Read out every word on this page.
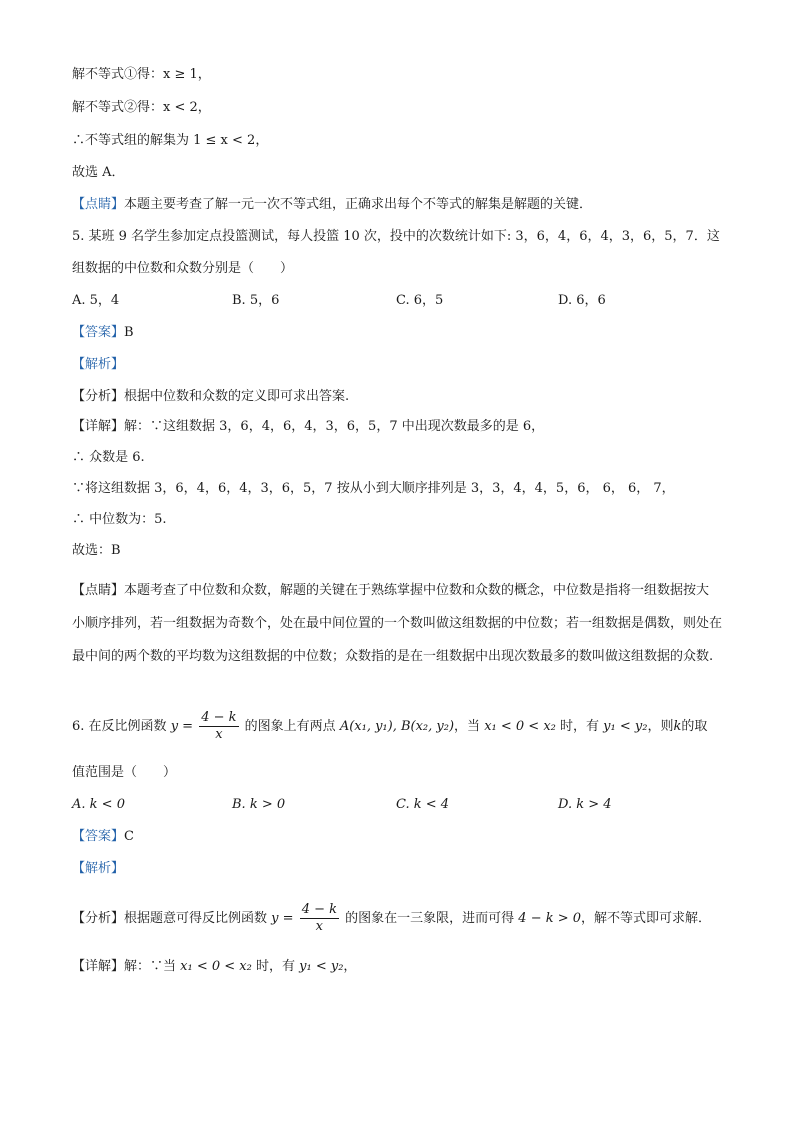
解不等式①得：x ≥ 1，
解不等式②得：x < 2，
∴不等式组的解集为 1 ≤ x < 2，
故选 A．
【点睛】本题主要考查了解一元一次不等式组，正确求出每个不等式的解集是解题的关键．
5. 某班 9 名学生参加定点投篮测试，每人投篮 10 次，投中的次数统计如下: 3，6，4，6，4，3，6，5，7．这
组数据的中位数和众数分别是（　　）
A. 5，4	B. 5，6	C. 6，5	D. 6，6
【答案】B
【解析】
【分析】根据中位数和众数的定义即可求出答案.
【详解】解：∵这组数据 3，6，4，6，4，3，6，5，7 中出现次数最多的是 6，
∴ 众数是 6.
∵将这组数据 3，6，4，6，4，3，6，5，7 按从小到大顺序排列是 3，3，4，4，5，6， 6， 6， 7，
∴ 中位数为：5.
故选：B
【点睛】本题考查了中位数和众数，解题的关键在于熟练掌握中位数和众数的概念，中位数是指将一组数据按大小顺序排列，若一组数据为奇数个，处在最中间位置的一个数叫做这组数据的中位数；若一组数据是偶数，则处在最中间的两个数的平均数为这组数据的中位数；众数指的是在一组数据中出现次数最多的数叫做这组数据的众数.
6. 在反比例函数 $y = \frac{4 - k}{x}$ 的图象上有两点 A(x₁, y₁), B(x₂, y₂)，当 x₁ < 0 < x₂ 时，有 y₁ < y₂，则k的取
值范围是（　　）
A. k < 0	B. k > 0	C. k < 4	D. k > 4
【答案】C
【解析】
【分析】根据题意可得反比例函数 $y = \frac{4 - k}{x}$ 的图象在一三象限，进而可得 4 − k > 0，解不等式即可求解．
【详解】解：∵当 x₁ < 0 < x₂ 时，有 y₁ < y₂，
